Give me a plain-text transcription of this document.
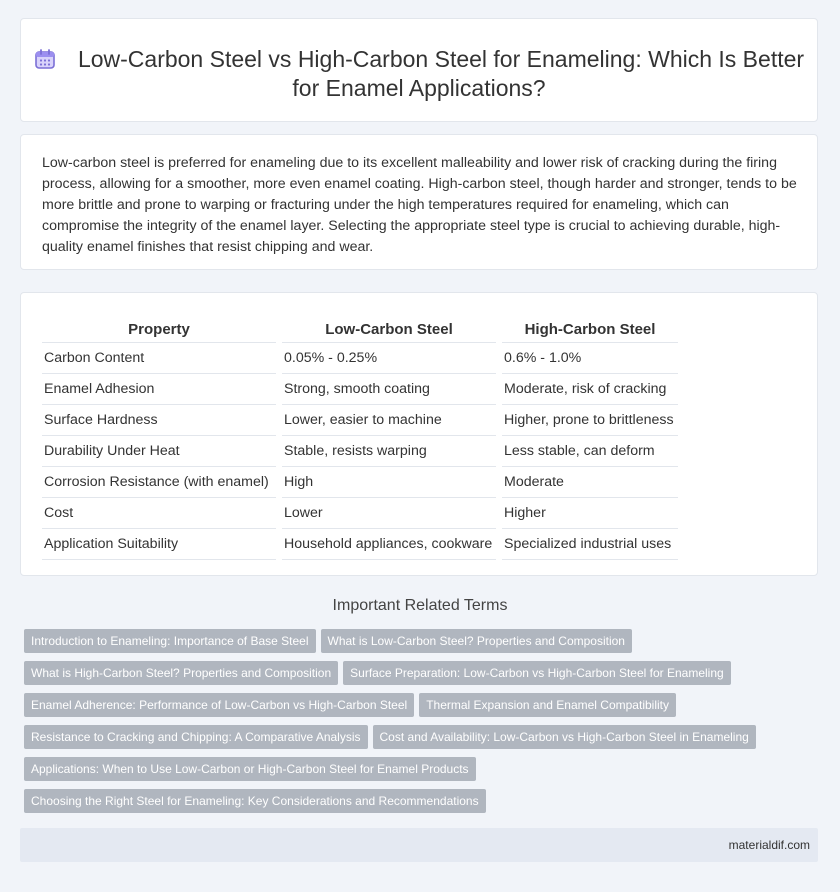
Low-Carbon Steel vs High-Carbon Steel for Enameling: Which Is Better for Enamel Applications?
Low-carbon steel is preferred for enameling due to its excellent malleability and lower risk of cracking during the firing process, allowing for a smoother, more even enamel coating. High-carbon steel, though harder and stronger, tends to be more brittle and prone to warping or fracturing under the high temperatures required for enameling, which can compromise the integrity of the enamel layer. Selecting the appropriate steel type is crucial to achieving durable, high-quality enamel finishes that resist chipping and wear.
Property	Low-Carbon Steel	High-Carbon Steel
Carbon Content	0.05% - 0.25%	0.6% - 1.0%
Enamel Adhesion	Strong, smooth coating	Moderate, risk of cracking
Surface Hardness	Lower, easier to machine	Higher, prone to brittleness
Durability Under Heat	Stable, resists warping	Less stable, can deform
Corrosion Resistance (with enamel)	High	Moderate
Cost	Lower	Higher
Application Suitability	Household appliances, cookware	Specialized industrial uses
Important Related Terms
Introduction to Enameling: Importance of Base Steel What is Low-Carbon Steel? Properties and Composition
What is High-Carbon Steel? Properties and Composition Surface Preparation: Low-Carbon vs High-Carbon Steel for Enameling
Enamel Adherence: Performance of Low-Carbon vs High-Carbon Steel Thermal Expansion and Enamel Compatibility
Resistance to Cracking and Chipping: A Comparative Analysis Cost and Availability: Low-Carbon vs High-Carbon Steel in Enameling
Applications: When to Use Low-Carbon or High-Carbon Steel for Enamel Products
Choosing the Right Steel for Enameling: Key Considerations and Recommendations
materialdif.com
